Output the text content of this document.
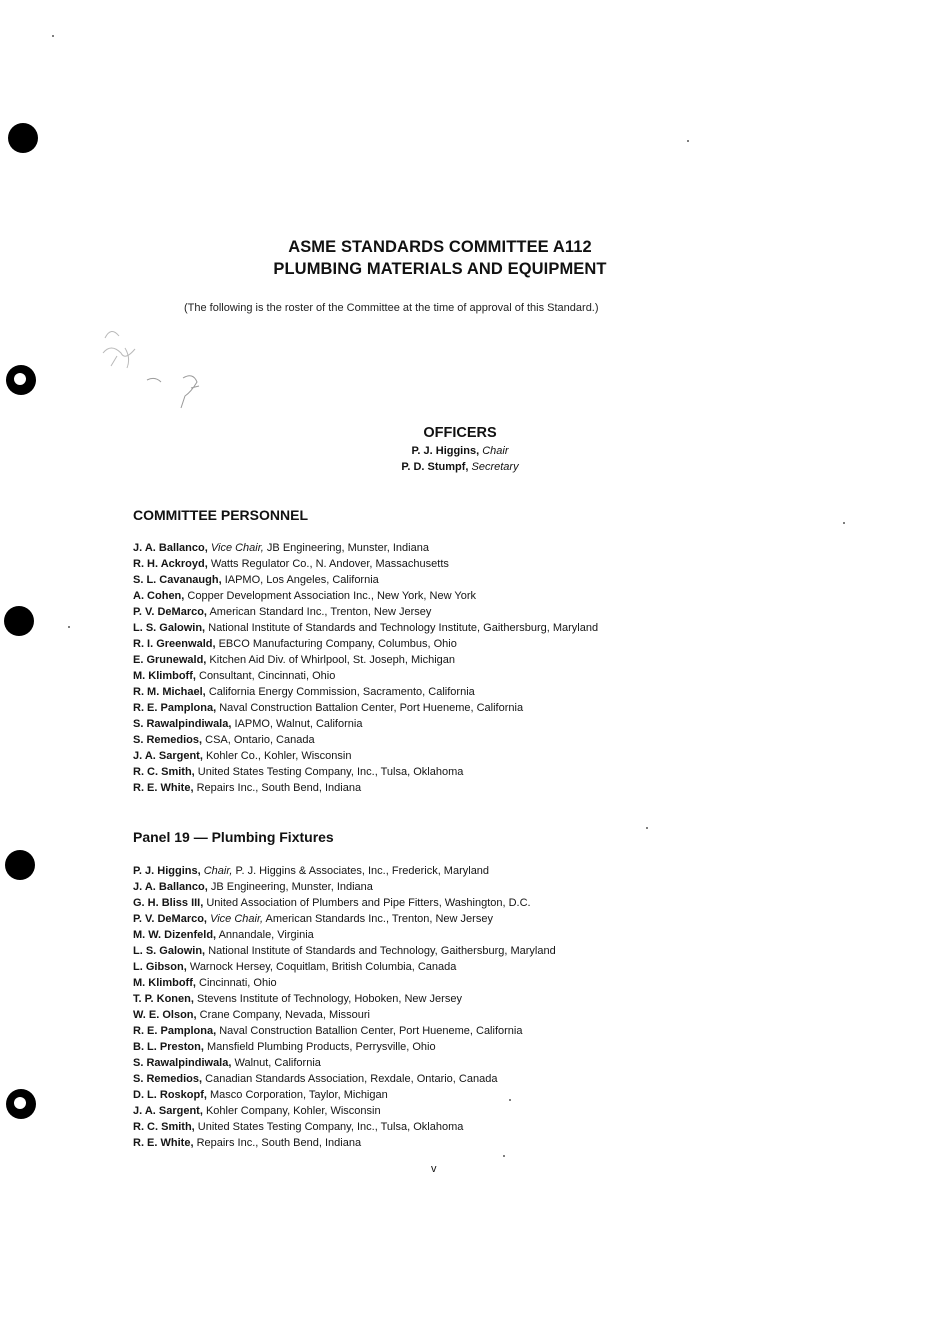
ASME STANDARDS COMMITTEE A112
PLUMBING MATERIALS AND EQUIPMENT
(The following is the roster of the Committee at the time of approval of this Standard.)
OFFICERS
P. J. Higgins, Chair
P. D. Stumpf, Secretary
COMMITTEE PERSONNEL
J. A. Ballanco, Vice Chair, JB Engineering, Munster, Indiana
R. H. Ackroyd, Watts Regulator Co., N. Andover, Massachusetts
S. L. Cavanaugh, IAPMO, Los Angeles, California
A. Cohen, Copper Development Association Inc., New York, New York
P. V. DeMarco, American Standard Inc., Trenton, New Jersey
L. S. Galowin, National Institute of Standards and Technology Institute, Gaithersburg, Maryland
R. I. Greenwald, EBCO Manufacturing Company, Columbus, Ohio
E. Grunewald, Kitchen Aid Div. of Whirlpool, St. Joseph, Michigan
M. Klimboff, Consultant, Cincinnati, Ohio
R. M. Michael, California Energy Commission, Sacramento, California
R. E. Pamplona, Naval Construction Battalion Center, Port Hueneme, California
S. Rawalpindiwala, IAPMO, Walnut, California
S. Remedios, CSA, Ontario, Canada
J. A. Sargent, Kohler Co., Kohler, Wisconsin
R. C. Smith, United States Testing Company, Inc., Tulsa, Oklahoma
R. E. White, Repairs Inc., South Bend, Indiana
Panel 19 — Plumbing Fixtures
P. J. Higgins, Chair, P. J. Higgins & Associates, Inc., Frederick, Maryland
J. A. Ballanco, JB Engineering, Munster, Indiana
G. H. Bliss III, United Association of Plumbers and Pipe Fitters, Washington, D.C.
P. V. DeMarco, Vice Chair, American Standards Inc., Trenton, New Jersey
M. W. Dizenfeld, Annandale, Virginia
L. S. Galowin, National Institute of Standards and Technology, Gaithersburg, Maryland
L. Gibson, Warnock Hersey, Coquitlam, British Columbia, Canada
M. Klimboff, Cincinnati, Ohio
T. P. Konen, Stevens Institute of Technology, Hoboken, New Jersey
W. E. Olson, Crane Company, Nevada, Missouri
R. E. Pamplona, Naval Construction Batallion Center, Port Hueneme, California
B. L. Preston, Mansfield Plumbing Products, Perrysville, Ohio
S. Rawalpindiwala, Walnut, California
S. Remedios, Canadian Standards Association, Rexdale, Ontario, Canada
D. L. Roskopf, Masco Corporation, Taylor, Michigan
J. A. Sargent, Kohler Company, Kohler, Wisconsin
R. C. Smith, United States Testing Company, Inc., Tulsa, Oklahoma
R. E. White, Repairs Inc., South Bend, Indiana
v
